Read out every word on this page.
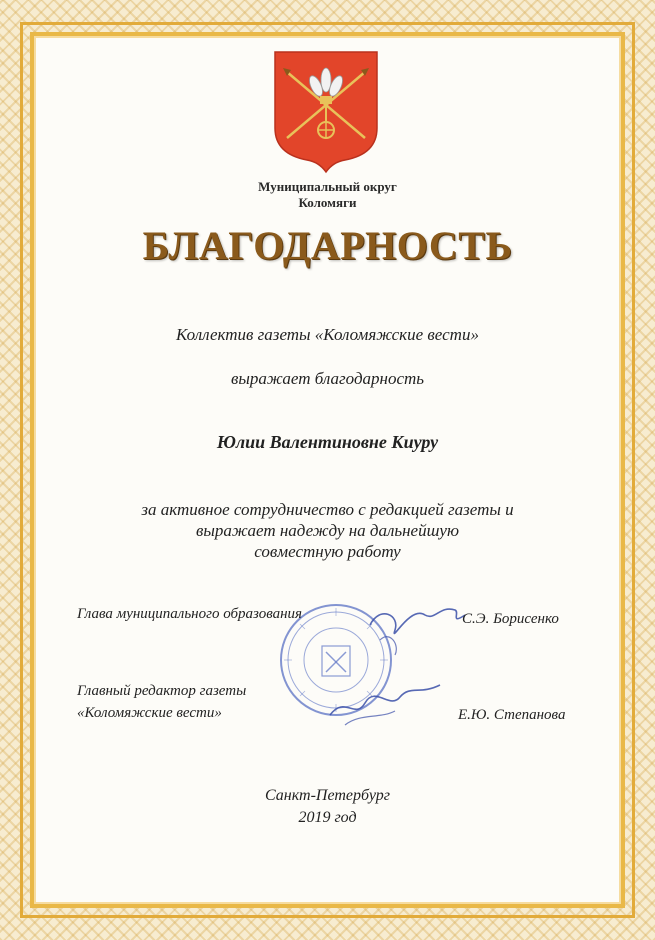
Муниципальный округ
Коломяги
БЛАГОДАРНОСТЬ
Коллектив газеты «Коломяжские вести»
выражает благодарность
Юлии Валентиновне Киуру
за активное сотрудничество с редакцией газеты и
выражает надежду на дальнейшую
совместную работу
Глава муниципального образования	С.Э. Борисенко
Главный редактор газеты
«Коломяжские вести»	Е.Ю. Степанова
Санкт-Петербург
2019 год
